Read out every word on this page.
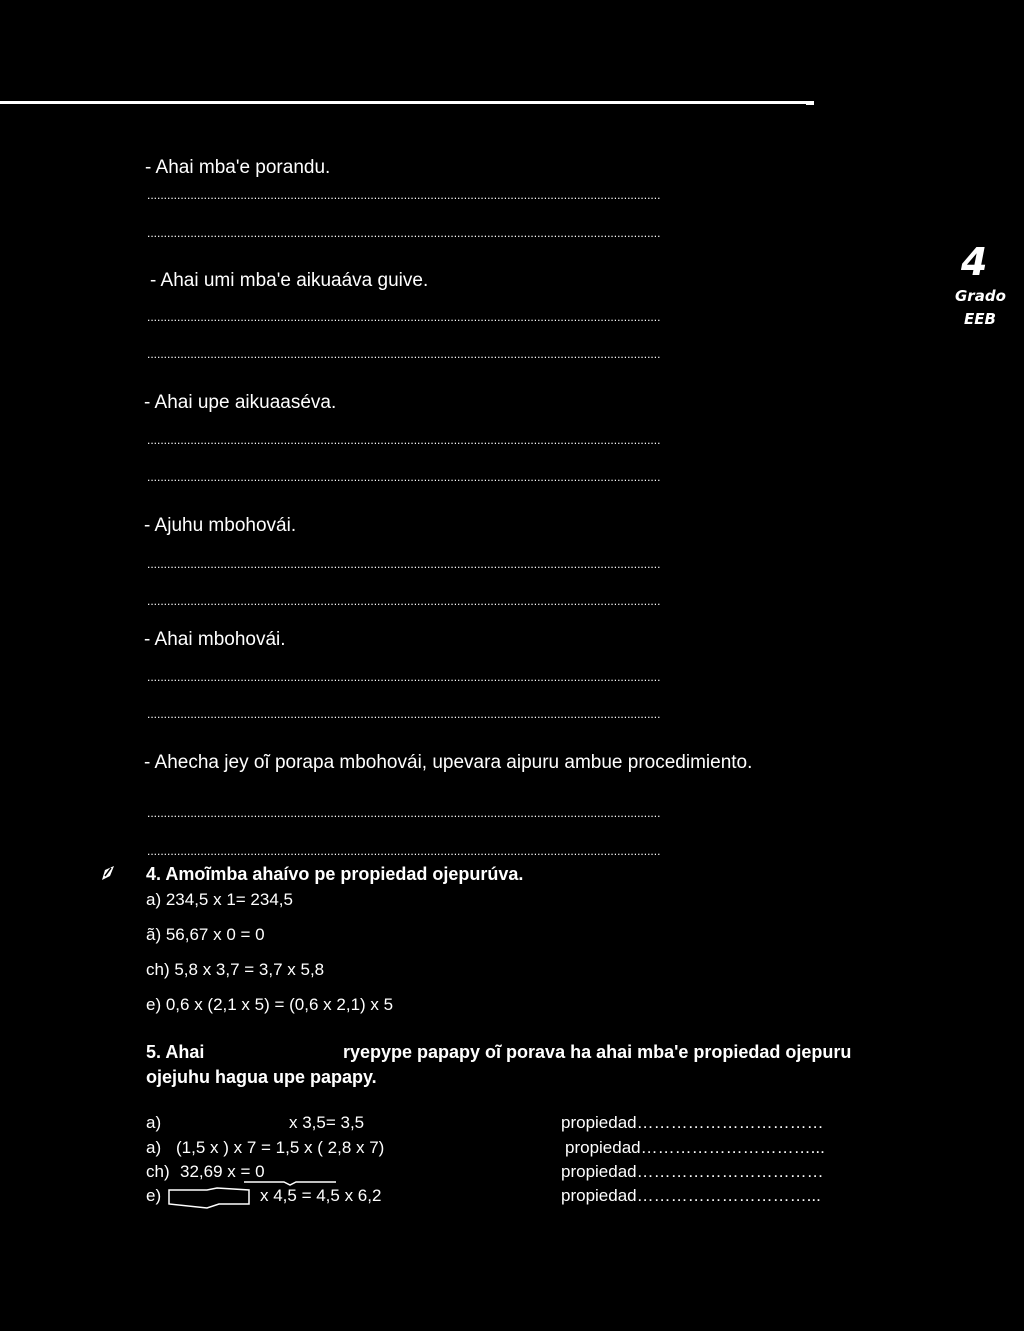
4
Grado
EEB
- Ahai mba'e porandu.
..........................................................................................................................................................
..........................................................................................................................................................
- Ahai umi mba'e aikuaáva guive.
..........................................................................................................................................................
..........................................................................................................................................................
- Ahai upe aikuaaséva.
..........................................................................................................................................................
..........................................................................................................................................................
- Ajuhu mbohovái.
..........................................................................................................................................................
..........................................................................................................................................................
- Ahai mbohovái.
..........................................................................................................................................................
..........................................................................................................................................................
- Ahecha jey oĩ porapa mbohovái, upevara aipuru ambue procedimiento.
..........................................................................................................................................................
..........................................................................................................................................................
4. Amoĩmba ahaívo pe propiedad ojepurúva.
a) 234,5 x 1= 234,5
ã) 56,67 x 0 = 0
ch) 5,8 x 3,7 = 3,7 x 5,8
e) 0,6 x (2,1 x 5) = (0,6 x 2,1) x 5
5. Ahai	ryepype papapy oĩ porava ha ahai mba'e propiedad ojepuru
ojejuhu hagua upe papapy.
a)	x 3,5= 3,5	propiedad……………………………
a) (1,5 x ) x 7 = 1,5 x ( 2,8 x 7)	propiedad…………………………...
ch) 32,69 x = 0	propiedad……………………………
e)	x 4,5 = 4,5 x 6,2	propiedad…………………………...
